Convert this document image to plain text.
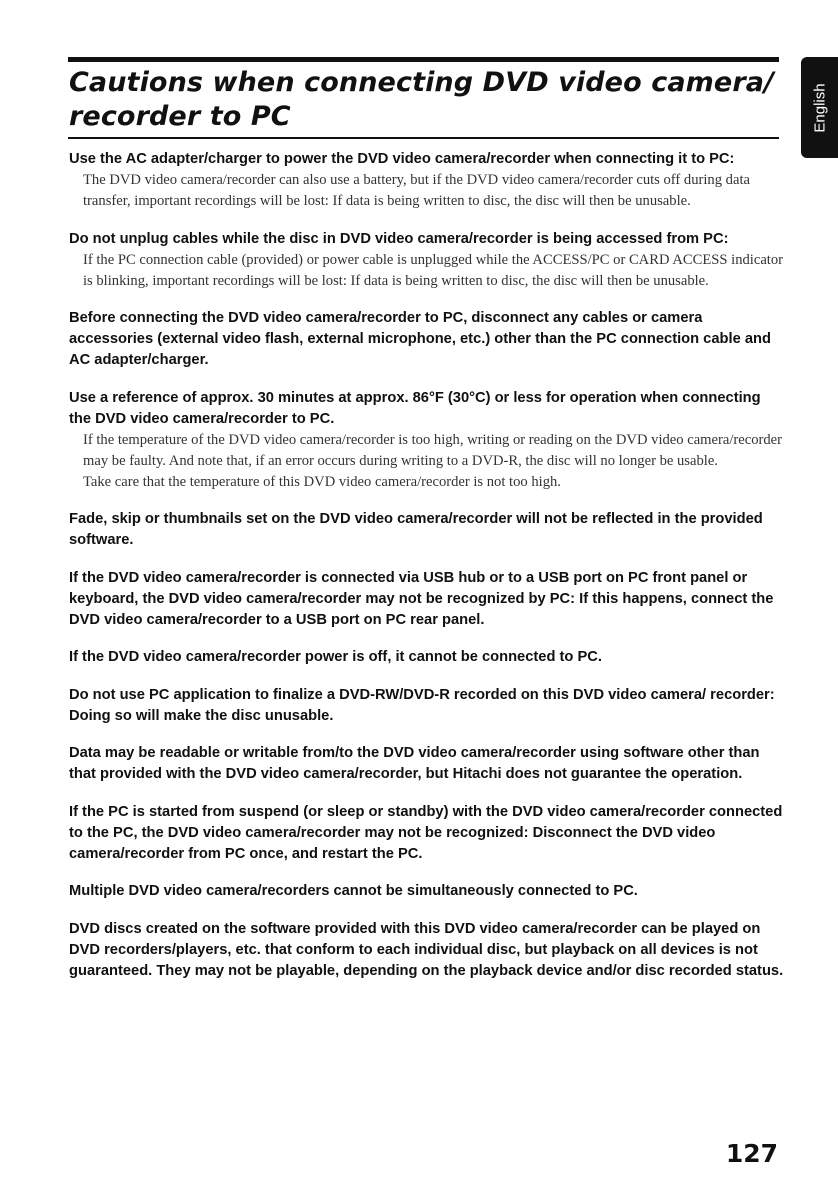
Cautions when connecting DVD video camera/ recorder to PC	English

Use the AC adapter/charger to power the DVD video camera/recorder when connecting it to PC:

The DVD video camera/recorder can also use a battery, but if the DVD video camera/recorder cuts off during data transfer, important recordings will be lost: If data is being written to disc, the disc will then be unusable.

Do not unplug cables while the disc in DVD video camera/recorder is being accessed from PC:

If the PC connection cable (provided) or power cable is unplugged while the ACCESS/PC or CARD ACCESS indicator is blinking, important recordings will be lost: If data is being written to disc, the disc will then be unusable.

Before connecting the DVD video camera/recorder to PC, disconnect any cables or camera accessories (external video flash, external microphone, etc.) other than the PC connection cable and AC adapter/charger.

Use a reference of approx. 30 minutes at approx. 86°F (30°C) or less for operation when connecting the DVD video camera/recorder to PC.

If the temperature of the DVD video camera/recorder is too high, writing or reading on the DVD video camera/recorder may be faulty. And note that, if an error occurs during writing to a DVD-R, the disc will no longer be usable.

Take care that the temperature of this DVD video camera/recorder is not too high.

Fade, skip or thumbnails set on the DVD video camera/recorder will not be reflected in the provided software.

If the DVD video camera/recorder is connected via USB hub or to a USB port on PC front panel or keyboard, the DVD video camera/recorder may not be recognized by PC: If this happens, connect the DVD video camera/recorder to a USB port on PC rear panel.

If the DVD video camera/recorder power is off, it cannot be connected to PC.

Do not use PC application to finalize a DVD-RW/DVD-R recorded on this DVD video camera/ recorder: Doing so will make the disc unusable.

Data may be readable or writable from/to the DVD video camera/recorder using software other than that provided with the DVD video camera/recorder, but Hitachi does not guarantee the operation.

If the PC is started from suspend (or sleep or standby) with the DVD video camera/recorder connected to the PC, the DVD video camera/recorder may not be recognized: Disconnect the DVD video camera/recorder from PC once, and restart the PC.

Multiple DVD video camera/recorders cannot be simultaneously connected to PC.

DVD discs created on the software provided with this DVD video camera/recorder can be played on DVD recorders/players, etc. that conform to each individual disc, but playback on all devices is not guaranteed. They may not be playable, depending on the playback device and/or disc recorded status.

127
